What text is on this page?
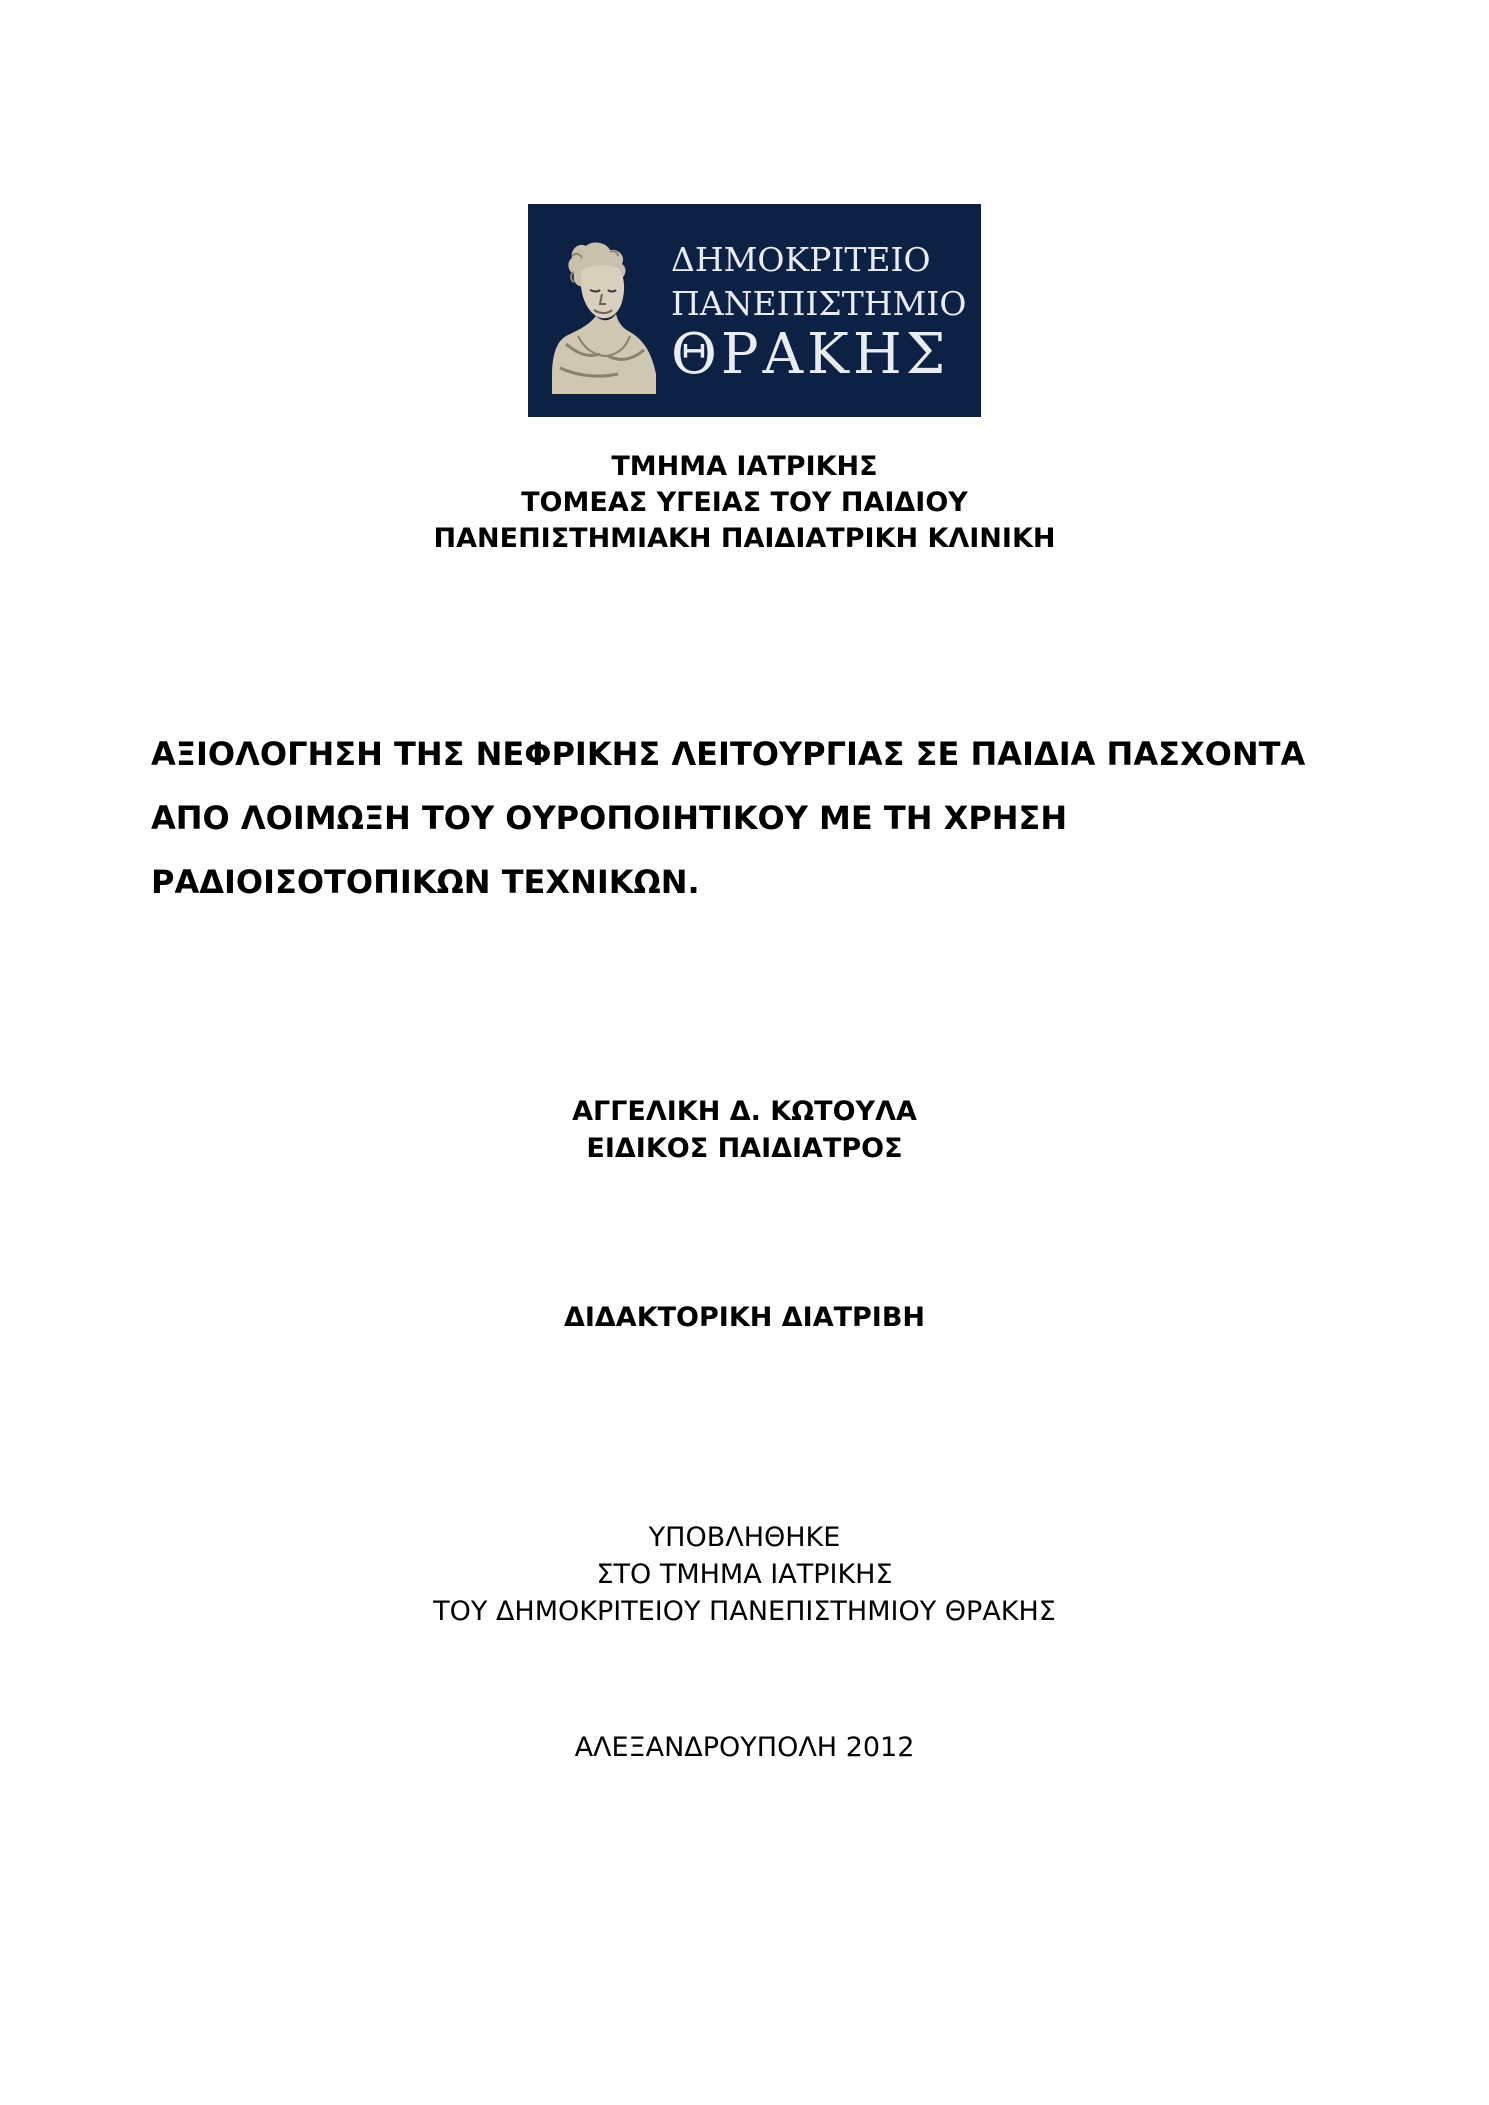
ΔΗΜΟΚΡΙΤΕΙΟ
ΠΑΝΕΠΙΣΤΗΜΙΟ
ΘΡΑΚΗΣ
ΤΜΗΜΑ ΙΑΤΡΙΚΗΣ
ΤΟΜΕΑΣ ΥΓΕΙΑΣ ΤΟΥ ΠΑΙΔΙΟΥ
ΠΑΝΕΠΙΣΤΗΜΙΑΚΗ ΠΑΙΔΙΑΤΡΙΚΗ ΚΛΙΝΙΚΗ
ΑΞΙΟΛΟΓΗΣΗ ΤΗΣ ΝΕΦΡΙΚΗΣ ΛΕΙΤΟΥΡΓΙΑΣ ΣΕ ΠΑΙΔΙΑ ΠΑΣΧΟΝΤΑ
ΑΠΟ ΛΟΙΜΩΞΗ ΤΟΥ ΟΥΡΟΠΟΙΗΤΙΚΟΥ ΜΕ ΤΗ ΧΡΗΣΗ
ΡΑΔΙΟΙΣΟΤΟΠΙΚΩΝ ΤΕΧΝΙΚΩΝ.
ΑΓΓΕΛΙΚΗ Δ. ΚΩΤΟΥΛΑ
ΕΙΔΙΚΟΣ ΠΑΙΔΙΑΤΡΟΣ
ΔΙΔΑΚΤΟΡΙΚΗ ΔΙΑΤΡΙΒΗ
ΥΠΟΒΛΗΘΗΚΕ
ΣΤΟ ΤΜΗΜΑ ΙΑΤΡΙΚΗΣ
ΤΟΥ ΔΗΜΟΚΡΙΤΕΙΟΥ ΠΑΝΕΠΙΣΤΗΜΙΟΥ ΘΡΑΚΗΣ
ΑΛΕΞΑΝΔΡΟΥΠΟΛΗ 2012
